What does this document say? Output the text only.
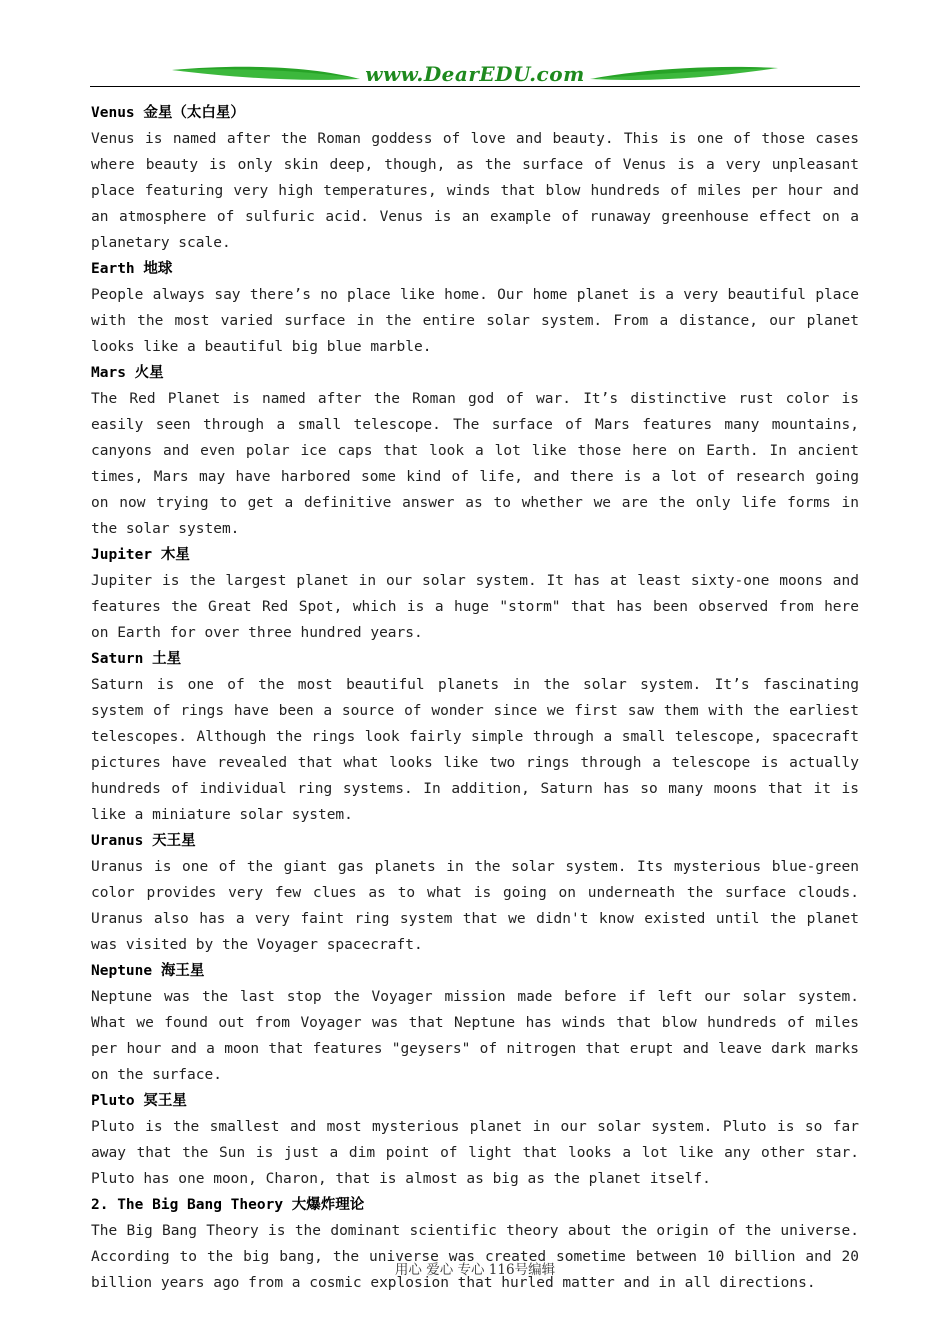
www.DearEDU.com
Venus 金星（太白星）

Venus is named after the Roman goddess of love and beauty. This is one of those cases where beauty is only skin deep, though, as the surface of Venus is a very unpleasant place featuring very high temperatures, winds that blow hundreds of miles per hour and an atmosphere of sulfuric acid. Venus is an example of runaway greenhouse effect on a planetary scale.

Earth 地球

People always say there’s no place like home. Our home planet is a very beautiful place with the most varied surface in the entire solar system. From a distance, our planet looks like a beautiful big blue marble.

Mars 火星

The Red Planet is named after the Roman god of war. It’s distinctive rust color is easily seen through a small telescope. The surface of Mars features many mountains, canyons and even polar ice caps that look a lot like those here on Earth. In ancient times, Mars may have harbored some kind of life, and there is a lot of research going on now trying to get a definitive answer as to whether we are the only life forms in the solar system.

Jupiter 木星

Jupiter is the largest planet in our solar system. It has at least sixty-one moons and features the Great Red Spot, which is a huge "storm" that has been observed from here on Earth for over three hundred years.

Saturn 土星

Saturn is one of the most beautiful planets in the solar system. It’s fascinating system of rings have been a source of wonder since we first saw them with the earliest telescopes. Although the rings look fairly simple through a small telescope, spacecraft pictures have revealed that what looks like two rings through a telescope is actually hundreds of individual ring systems. In addition, Saturn has so many moons that it is like a miniature solar system.

Uranus 天王星

Uranus is one of the giant gas planets in the solar system. Its mysterious blue-green color provides very few clues as to what is going on underneath the surface clouds. Uranus also has a very faint ring system that we didn't know existed until the planet was visited by the Voyager spacecraft.

Neptune 海王星

Neptune was the last stop the Voyager mission made before if left our solar system. What we found out from Voyager was that Neptune has winds that blow hundreds of miles per hour and a moon that features "geysers" of nitrogen that erupt and leave dark marks on the surface.

Pluto 冥王星

Pluto is the smallest and most mysterious planet in our solar system. Pluto is so far away that the Sun is just a dim point of light that looks a lot like any other star. Pluto has one moon, Charon, that is almost as big as the planet itself.

2. The Big Bang Theory 大爆炸理论

The Big Bang Theory is the dominant scientific theory about the origin of the universe. According to the big bang, the universe was created sometime between 10 billion and 20 billion years ago from a cosmic explosion that hurled matter and in all directions.

用心 爱心 专心 116号编辑
